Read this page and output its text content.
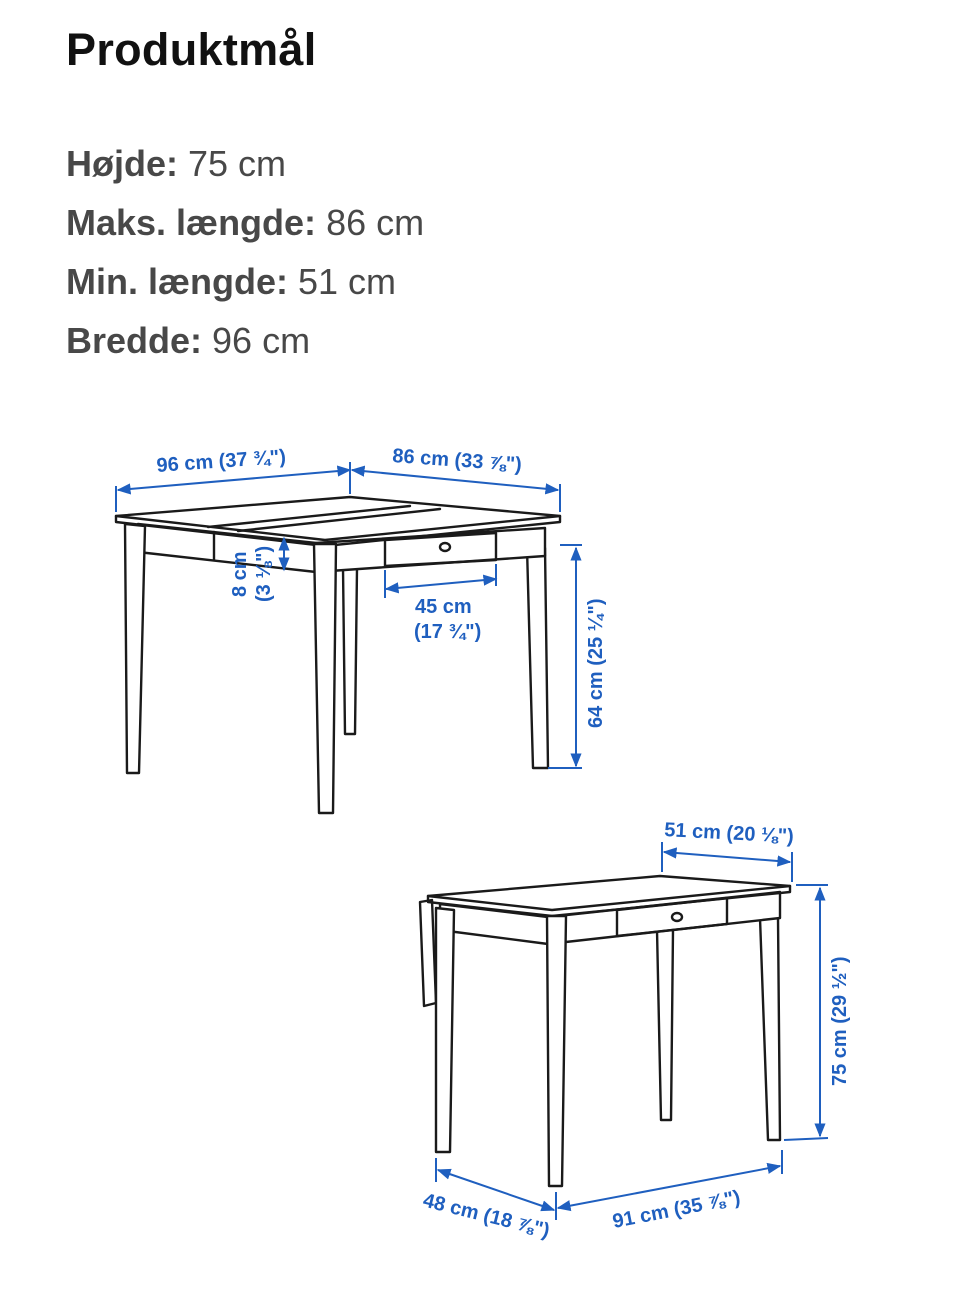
Produktmål
Højde: 75 cm
Maks. længde: 86 cm
Min. længde: 51 cm
Bredde: 96 cm
96 cm (37 ¾")	86 cm (33 ⅞")
8 cm (3 ⅛")
45 cm
(17 ¾")	64 cm (25 ¼")
51 cm (20 ⅛")
75 cm (29 ½")
48 cm (18 ⅞")	91 cm (35 ⅞")
